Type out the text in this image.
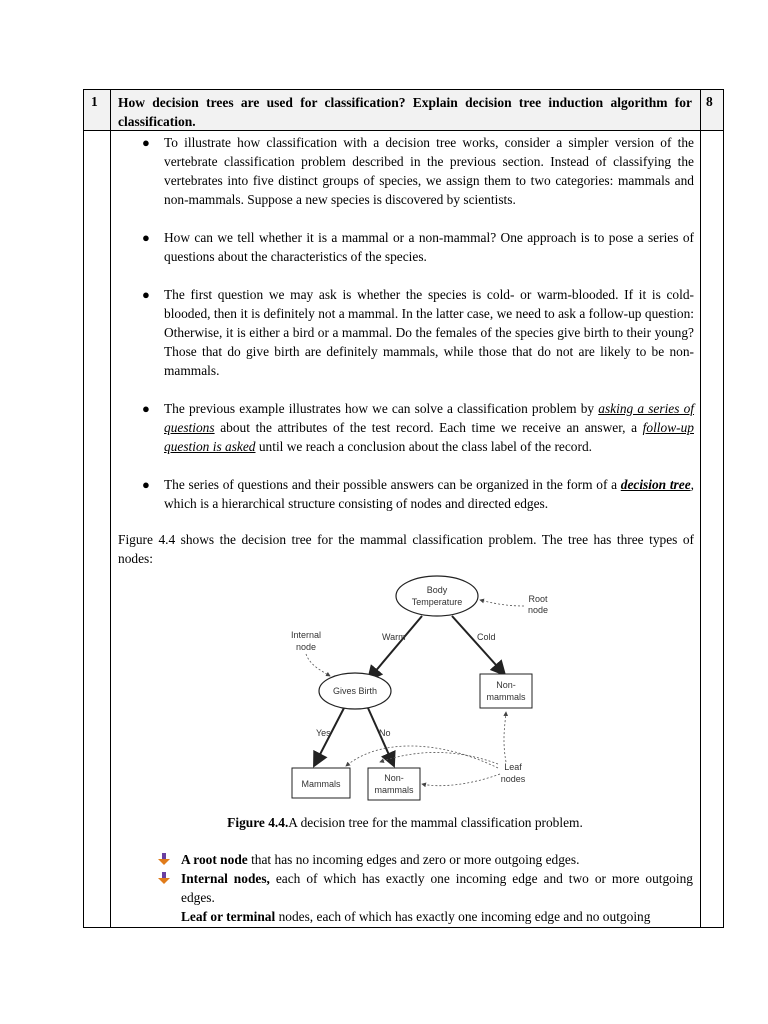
1 How decision trees are used for classification? Explain decision tree induction algorithm for classification.
8
● To illustrate how classification with a decision tree works, consider a simpler version of the vertebrate classification problem described in the previous section. Instead of classifying the vertebrates into five distinct groups of species, we assign them to two categories: mammals and non-mammals. Suppose a new species is discovered by scientists.
● How can we tell whether it is a mammal or a non-mammal? One approach is to pose a series of questions about the characteristics of the species.
● The first question we may ask is whether the species is cold- or warm-blooded. If it is cold-blooded, then it is definitely not a mammal. In the latter case, we need to ask a follow-up question: Otherwise, it is either a bird or a mammal. Do the females of the species give birth to their young? Those that do give birth are definitely mammals, while those that do not are likely to be non-mammals.
● The previous example illustrates how we can solve a classification problem by asking a series of questions about the attributes of the test record. Each time we receive an answer, a follow-up question is asked until we reach a conclusion about the class label of the record.
● The series of questions and their possible answers can be organized in the form of a decision tree, which is a hierarchical structure consisting of nodes and directed edges.
Figure 4.4 shows the decision tree for the mammal classification problem. The tree has three types of nodes:
Body
Temperature
Gives Birth
Non-
mammals
Mammals
Non-
mammals
Warm	Cold
Yes	No
Root
node
Internal
node
Leaf
nodes
Figure 4.4.A decision tree for the mammal classification problem.
A root node that has no incoming edges and zero or more outgoing edges.
Internal nodes, each of which has exactly one incoming edge and two or more outgoing edges.
Leaf or terminal nodes, each of which has exactly one incoming edge and no outgoing
